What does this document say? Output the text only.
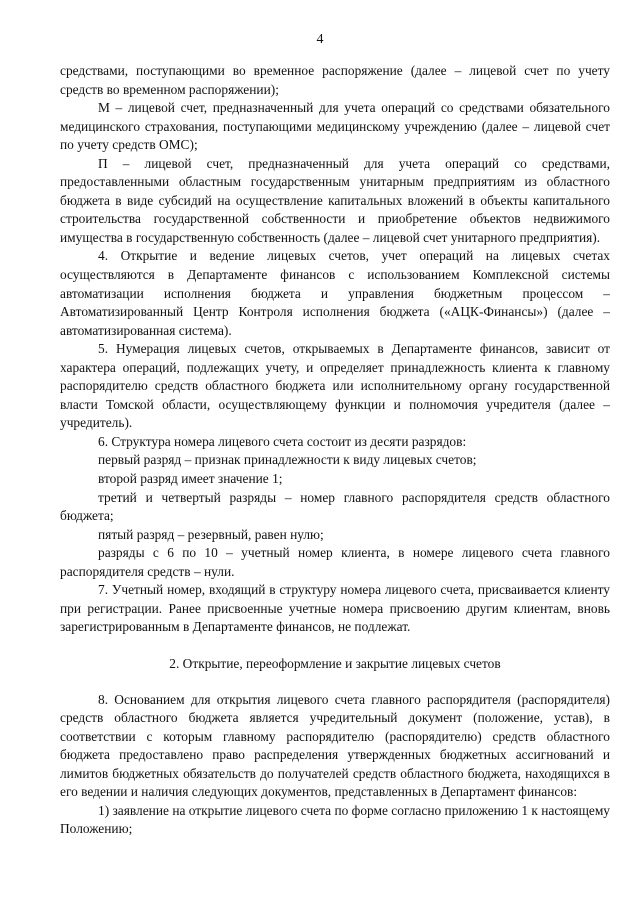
4

средствами, поступающими во временное распоряжение (далее – лицевой счет по учету средств во временном распоряжении);

М – лицевой счет, предназначенный для учета операций со средствами обязательного медицинского страхования, поступающими медицинскому учреждению (далее – лицевой счет по учету средств ОМС);

П – лицевой счет, предназначенный для учета операций со средствами, предоставленными областным государственным унитарным предприятиям из областного бюджета в виде субсидий на осуществление капитальных вложений в объекты капитального строительства государственной собственности и приобретение объектов недвижимого имущества в государственную собственность (далее – лицевой счет унитарного предприятия).

4. Открытие и ведение лицевых счетов, учет операций на лицевых счетах осуществляются в Департаменте финансов с использованием Комплексной системы автоматизации исполнения бюджета и управления бюджетным процессом – Автоматизированный Центр Контроля исполнения бюджета («АЦК-Финансы») (далее – автоматизированная система).

5. Нумерация лицевых счетов, открываемых в Департаменте финансов, зависит от характера операций, подлежащих учету, и определяет принадлежность клиента к главному распорядителю средств областного бюджета или исполнительному органу государственной власти Томской области, осуществляющему функции и полномочия учредителя (далее – учредитель).

6. Структура номера лицевого счета состоит из десяти разрядов:

первый разряд – признак принадлежности к виду лицевых счетов;

второй разряд имеет значение 1;

третий и четвертый разряды – номер главного распорядителя средств областного бюджета;

пятый разряд – резервный, равен нулю;

разряды с 6 по 10 – учетный номер клиента, в номере лицевого счета главного распорядителя средств – нули.

7. Учетный номер, входящий в структуру номера лицевого счета, присваивается клиенту при регистрации. Ранее присвоенные учетные номера присвоению другим клиентам, вновь зарегистрированным в Департаменте финансов, не подлежат.

2. Открытие, переоформление и закрытие лицевых счетов

8. Основанием для открытия лицевого счета главного распорядителя (распорядителя) средств областного бюджета является учредительный документ (положение, устав), в соответствии с которым главному распорядителю (распорядителю) средств областного бюджета предоставлено право распределения утвержденных бюджетных ассигнований и лимитов бюджетных обязательств до получателей средств областного бюджета, находящихся в его ведении и наличия следующих документов, представленных в Департамент финансов:

1) заявление на открытие лицевого счета по форме согласно приложению 1 к настоящему Положению;
